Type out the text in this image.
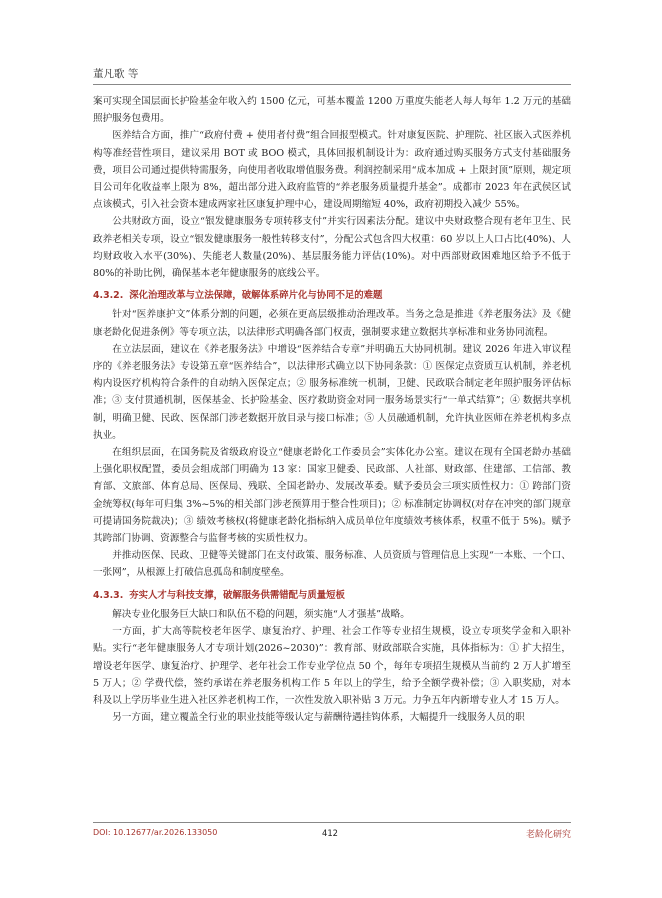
董凡歌 等

案可实现全国层面长护险基金年收入约 1500 亿元，可基本覆盖 1200 万重度失能老人每人每年 1.2 万元的基础照护服务包费用。

医养结合方面，推广“政府付费 + 使用者付费”组合回报型模式。针对康复医院、护理院、社区嵌入式医养机构等准经营性项目，建议采用 BOT 或 BOO 模式，具体回报机制设计为：政府通过购买服务方式支付基础服务费，项目公司通过提供特需服务，向使用者收取增值服务费。利润控制采用“成本加成 + 上限封顶”原则，规定项目公司年化收益率上限为 8%，超出部分进入政府监管的“养老服务质量提升基金”。成都市 2023 年在武侯区试点该模式，引入社会资本建成两家社区康复护理中心，建设周期缩短 40%，政府初期投入减少 55%。

公共财政方面，设立“银发健康服务专项转移支付”并实行因素法分配。建议中央财政整合现有老年卫生、民政养老相关专项，设立“银发健康服务一般性转移支付”，分配公式包含四大权重：60 岁以上人口占比(40%)、人均财政收入水平(30%)、失能老人数量(20%)、基层服务能力评估(10%)。对中西部财政困难地区给予不低于 80%的补助比例，确保基本老年健康服务的底线公平。

4.3.2. 深化治理改革与立法保障，破解体系碎片化与协同不足的难题

针对“医养康护文”体系分割的问题，必须在更高层级推动治理改革。当务之急是推进《养老服务法》及《健康老龄化促进条例》等专项立法，以法律形式明确各部门权责，强制要求建立数据共享标准和业务协同流程。

在立法层面，建议在《养老服务法》中增设“医养结合专章”并明确五大协同机制。建议 2026 年进入审议程序的《养老服务法》专设第五章“医养结合”，以法律形式确立以下协同条款：① 医保定点资质互认机制，养老机构内设医疗机构符合条件的自动纳入医保定点；② 服务标准统一机制，卫健、民政联合制定老年照护服务评估标准；③ 支付贯通机制，医保基金、长护险基金、医疗救助资金对同一服务场景实行“一单式结算”；④ 数据共享机制，明确卫健、民政、医保部门涉老数据开放目录与接口标准；⑤ 人员融通机制，允许执业医师在养老机构多点执业。

在组织层面，在国务院及省级政府设立“健康老龄化工作委员会”实体化办公室。建议在现有全国老龄办基础上强化职权配置，委员会组成部门明确为 13 家：国家卫健委、民政部、人社部、财政部、住建部、工信部、教育部、文旅部、体育总局、医保局、残联、全国老龄办、发展改革委。赋予委员会三项实质性权力：① 跨部门资金统筹权(每年可归集 3%~5%的相关部门涉老预算用于整合性项目)；② 标准制定协调权(对存在冲突的部门规章可提请国务院裁决)；③ 绩效考核权(将健康老龄化指标纳入成员单位年度绩效考核体系，权重不低于 5%)。赋予其跨部门协调、资源整合与监督考核的实质性权力。

并推动医保、民政、卫健等关键部门在支付政策、服务标准、人员资质与管理信息上实现“一本账、一个口、一张网”，从根源上打破信息孤岛和制度壁垒。

4.3.3. 夯实人才与科技支撑，破解服务供需错配与质量短板

解决专业化服务巨大缺口和队伍不稳的问题，须实施“人才强基”战略。

一方面，扩大高等院校老年医学、康复治疗、护理、社会工作等专业招生规模，设立专项奖学金和入职补贴。实行“老年健康服务人才专项计划(2026~2030)”：教育部、财政部联合实施，具体指标为：① 扩大招生，增设老年医学、康复治疗、护理学、老年社会工作专业学位点 50 个，每年专项招生规模从当前约 2 万人扩增至 5 万人；② 学费代偿，签约承诺在养老服务机构工作 5 年以上的学生，给予全额学费补偿；③ 入职奖励，对本科及以上学历毕业生进入社区养老机构工作，一次性发放入职补贴 3 万元。力争五年内新增专业人才 15 万人。

另一方面，建立覆盖全行业的职业技能等级认定与薪酬待遇挂钩体系，大幅提升一线服务人员的职

DOI: 10.12677/ar.2026.133050	412	老龄化研究
